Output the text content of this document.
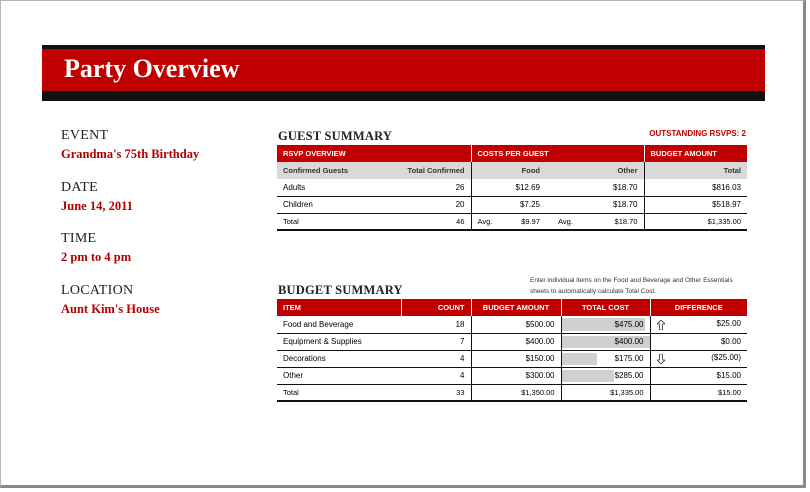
Party Overview
EVENT
Grandma's 75th Birthday
DATE
June 14, 2011
TIME
2 pm to 4 pm
LOCATION
Aunt Kim's House
GUEST SUMMARY	OUTSTANDING RSVPS: 2
RSVP OVERVIEW		COSTS PER GUEST		BUDGET AMOUNT
Confirmed Guests	Total Confirmed	Food	Other	Total
Adults	26	$12.69	$18.70	$816.03
Children	20	$7.25	$18.70	$518.97
Total	46	Avg. $9.97	Avg. $18.70	$1,335.00
Enter individual items on the Food and Beverage and Other Essentials sheets to automatically calculate Total Cost.
BUDGET SUMMARY
ITEM	COUNT	BUDGET AMOUNT	TOTAL COST	DIFFERENCE
Food and Beverage	18	$500.00	$475.00	$25.00
Equipment & Supplies	7	$400.00	$400.00	$0.00
Decorations	4	$150.00	$175.00	($25.00)
Other	4	$300.00	$285.00	$15.00
Total	33	$1,350.00	$1,335.00	$15.00
